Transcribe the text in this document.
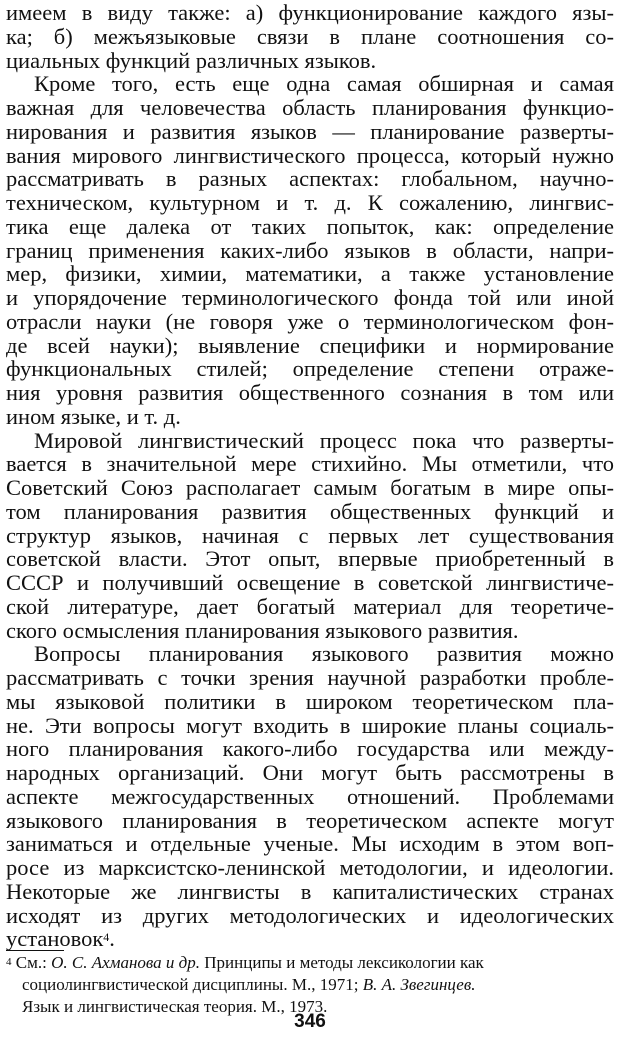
имеем в виду также: а) функционирование каждого язы-
ка; б) межъязыковые связи в плане соотношения со-
циальных функций различных языков.
Кроме того, есть еще одна самая обширная и самая
важная для человечества область планирования функцио-
нирования и развития языков — планирование разверты-
вания мирового лингвистического процесса, который нужно
рассматривать в разных аспектах: глобальном, научно-
техническом, культурном и т. д. К сожалению, лингвис-
тика еще далека от таких попыток, как: определение
границ применения каких-либо языков в области, напри-
мер, физики, химии, математики, а также установление
и упорядочение терминологического фонда той или иной
отрасли науки (не говоря уже о терминологическом фон-
де всей науки); выявление специфики и нормирование
функциональных стилей; определение степени отраже-
ния уровня развития общественного сознания в том или
ином языке, и т. д.
Мировой лингвистический процесс пока что разверты-
вается в значительной мере стихийно. Мы отметили, что
Советский Союз располагает самым богатым в мире опы-
том планирования развития общественных функций и
структур языков, начиная с первых лет существования
советской власти. Этот опыт, впервые приобретенный в
СССР и получивший освещение в советской лингвистиче-
ской литературе, дает богатый материал для теоретиче-
ского осмысления планирования языкового развития.
Вопросы планирования языкового развития можно
рассматривать с точки зрения научной разработки пробле-
мы языковой политики в широком теоретическом пла-
не. Эти вопросы могут входить в широкие планы социаль-
ного планирования какого-либо государства или между-
народных организаций. Они могут быть рассмотрены в
аспекте межгосударственных отношений. Проблемами
языкового планирования в теоретическом аспекте могут
заниматься и отдельные ученые. Мы исходим в этом воп-
росе из марксистско-ленинской методологии, и идеологии.
Некоторые же лингвисты в капиталистических странах
исходят из других методологических и идеологических
установок$^4$.
$^4$ См.: О. С. Ахманова и др. Принципы и методы лексикологии как
социолингвистической дисциплины. М., 1971; В. А. Звегинцев.
Язык и лингвистическая теория. М., 1973.
346
